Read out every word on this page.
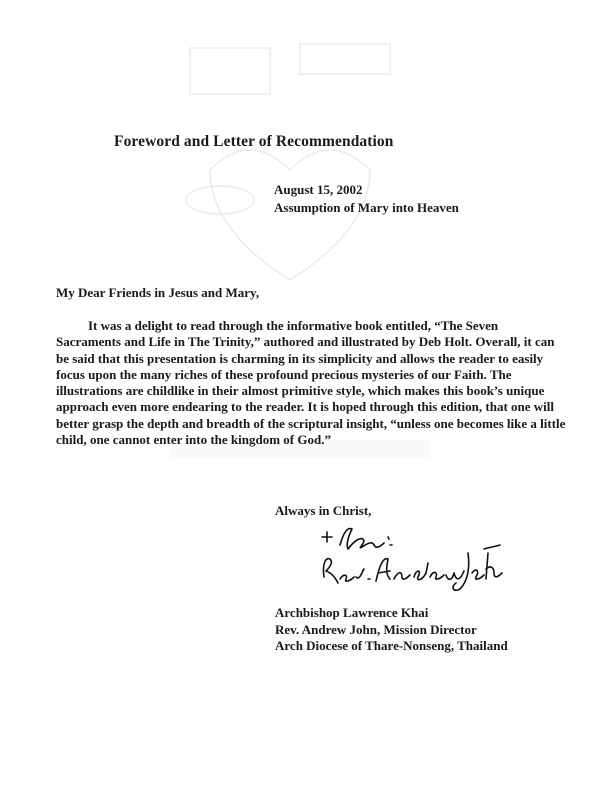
Foreword and Letter of Recommendation
August 15, 2002
Assumption of Mary into Heaven
My Dear Friends in Jesus and Mary,

It was a delight to read through the informative book entitled, “The Seven Sacraments and Life in The Trinity,” authored and illustrated by Deb Holt. Overall, it can be said that this presentation is charming in its simplicity and allows the reader to easily focus upon the many riches of these profound precious mysteries of our Faith. The illustrations are childlike in their almost primitive style, which makes this book’s unique approach even more endearing to the reader. It is hoped through this edition, that one will better grasp the depth and breadth of the scriptural insight, “unless one becomes like a little child, one cannot enter into the kingdom of God.”

Always in Christ,
Archbishop Lawrence Khai
Rev. Andrew John, Mission Director
Arch Diocese of Thare-Nonseng, Thailand
